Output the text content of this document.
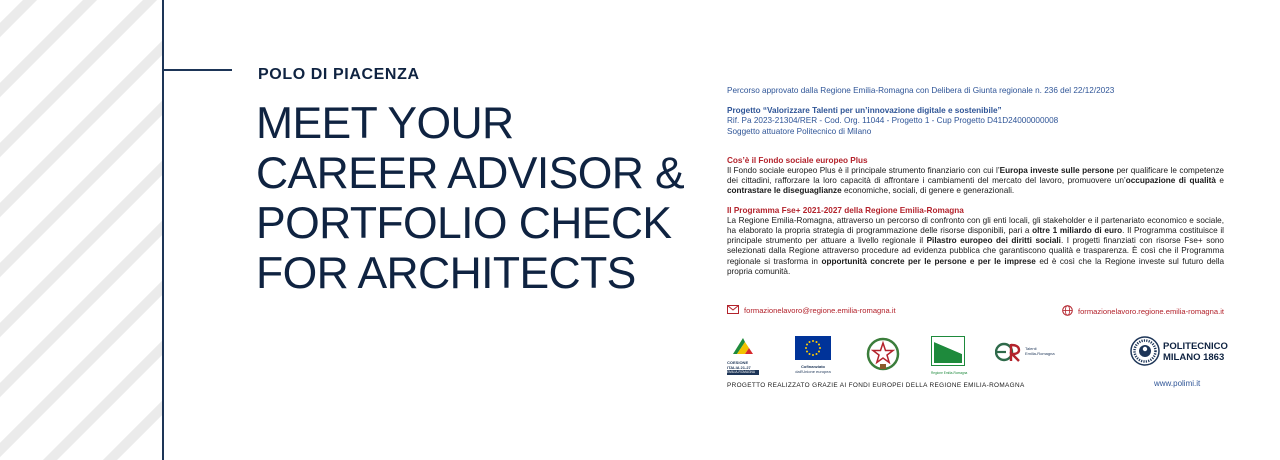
POLO DI PIACENZA
MEET YOUR
CAREER ADVISOR &
PORTFOLIO CHECK
FOR ARCHITECTS
Percorso approvato dalla Regione Emilia-Romagna con Delibera di Giunta regionale n. 236 del 22/12/2023
Progetto “Valorizzare Talenti per un’innovazione digitale e sostenibile”
Rif. Pa 2023-21304/RER - Cod. Org. 11044 - Progetto 1 - Cup Progetto D41D24000000008
Soggetto attuatore Politecnico di Milano
Cos’è il Fondo sociale europeo Plus
Il Fondo sociale europeo Plus è il principale strumento finanziario con cui l’Europa investe sulle persone per qualificare le competenze dei cittadini, rafforzare la loro capacità di affrontare i cambiamenti del mercato del lavoro, promuovere un’occupazione di qualità e contrastare le diseguaglianze economiche, sociali, di genere e generazionali.
Il Programma Fse+ 2021-2027 della Regione Emilia-Romagna
La Regione Emilia-Romagna, attraverso un percorso di confronto con gli enti locali, gli stakeholder e il partenariato economico e sociale, ha elaborato la propria strategia di programmazione delle risorse disponibili, pari a oltre 1 miliardo di euro. Il Programma costituisce il principale strumento per attuare a livello regionale il Pilastro europeo dei diritti sociali. I progetti finanziati con risorse Fse+ sono selezionati dalla Regione attraverso procedure ad evidenza pubblica che garantiscono qualità e trasparenza. È così che il Programma regionale si trasforma in opportunità concrete per le persone e per le imprese ed è così che la Regione investe sul futuro della propria comunità.
formazionelavoro@regione.emilia-romagna.it	formazionelavoro.regione.emilia-romagna.it
COESIONE
ITALIA 21-27
EMILIA-ROMAGNA
Cofinanziato
dall'Unione europea	Regione Emilia-Romagna
Talenti
Emilia-Romagna
POLITECNICO
MILANO 1863
PROGETTO REALIZZATO GRAZIE AI FONDI EUROPEI DELLA REGIONE EMILIA-ROMAGNA	www.polimi.it
